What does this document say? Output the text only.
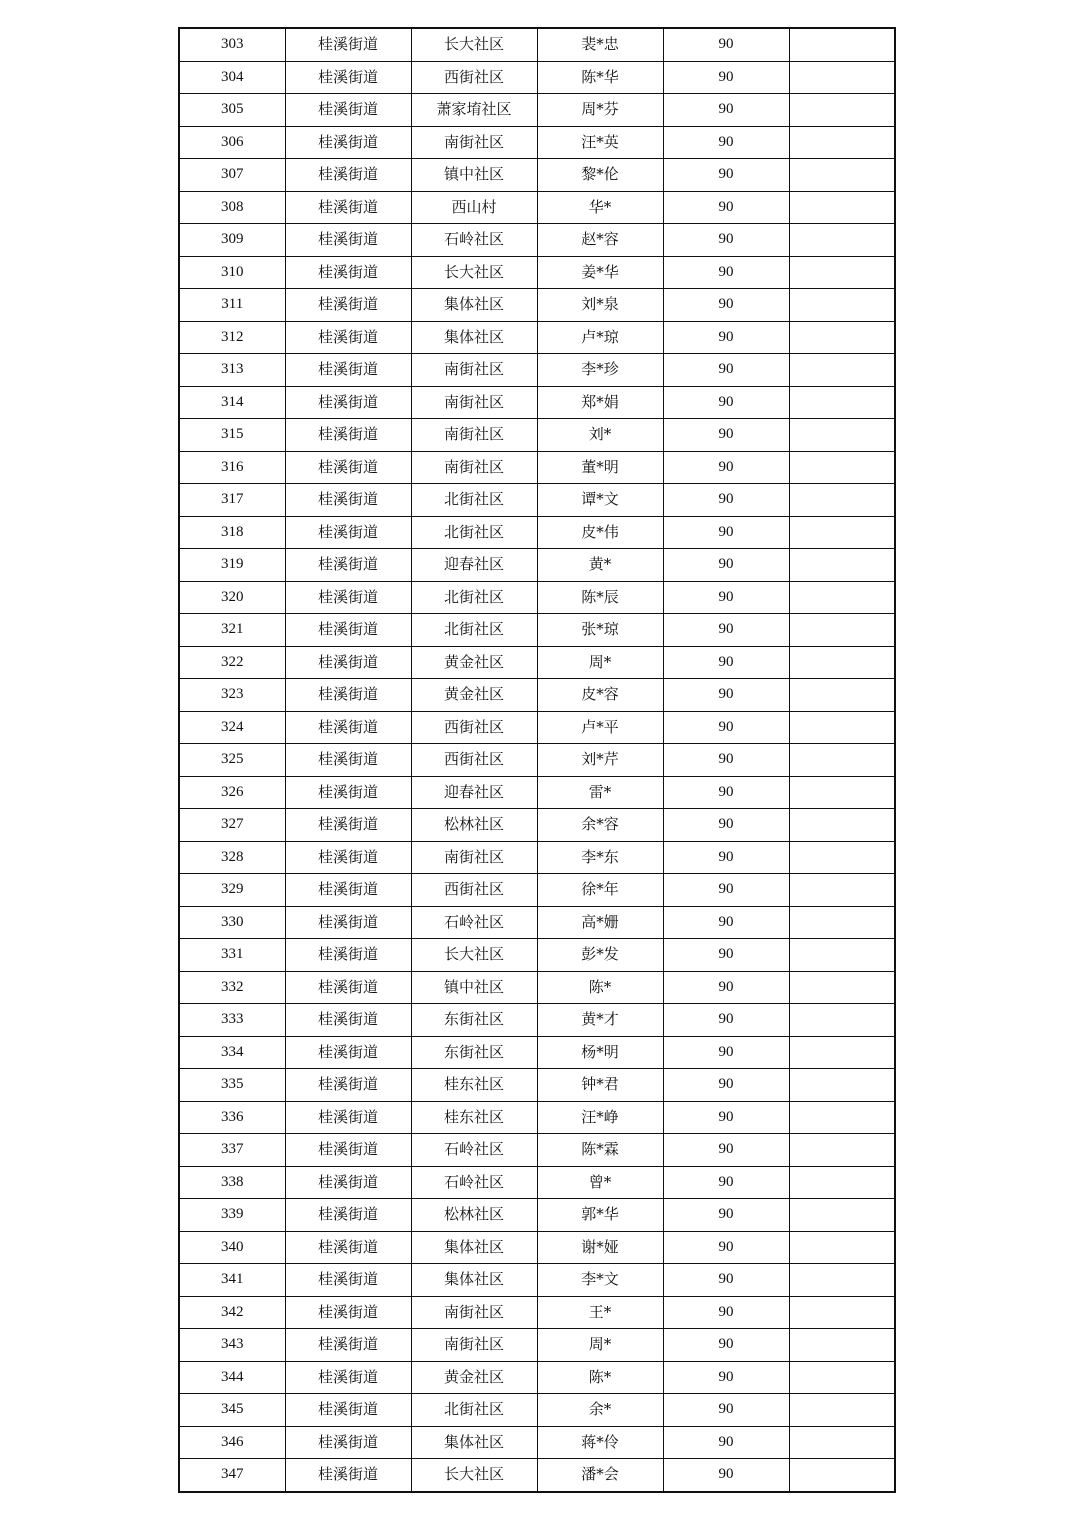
303	桂溪街道	长大社区	裴*忠	90	
304	桂溪街道	西街社区	陈*华	90	
305	桂溪街道	萧家堉社区	周*芬	90	
306	桂溪街道	南街社区	汪*英	90	
307	桂溪街道	镇中社区	黎*伦	90	
308	桂溪街道	西山村	华*	90	
309	桂溪街道	石岭社区	赵*容	90	
310	桂溪街道	长大社区	姜*华	90	
311	桂溪街道	集体社区	刘*泉	90	
312	桂溪街道	集体社区	卢*琼	90	
313	桂溪街道	南街社区	李*珍	90	
314	桂溪街道	南街社区	郑*娟	90	
315	桂溪街道	南街社区	刘*	90	
316	桂溪街道	南街社区	董*明	90	
317	桂溪街道	北街社区	谭*文	90	
318	桂溪街道	北街社区	皮*伟	90	
319	桂溪街道	迎春社区	黄*	90	
320	桂溪街道	北街社区	陈*辰	90	
321	桂溪街道	北街社区	张*琼	90	
322	桂溪街道	黄金社区	周*	90	
323	桂溪街道	黄金社区	皮*容	90	
324	桂溪街道	西街社区	卢*平	90	
325	桂溪街道	西街社区	刘*芹	90	
326	桂溪街道	迎春社区	雷*	90	
327	桂溪街道	松林社区	余*容	90	
328	桂溪街道	南街社区	李*东	90	
329	桂溪街道	西街社区	徐*年	90	
330	桂溪街道	石岭社区	高*姗	90	
331	桂溪街道	长大社区	彭*发	90	
332	桂溪街道	镇中社区	陈*	90	
333	桂溪街道	东街社区	黄*才	90	
334	桂溪街道	东街社区	杨*明	90	
335	桂溪街道	桂东社区	钟*君	90	
336	桂溪街道	桂东社区	汪*峥	90	
337	桂溪街道	石岭社区	陈*霖	90	
338	桂溪街道	石岭社区	曾*	90	
339	桂溪街道	松林社区	郭*华	90	
340	桂溪街道	集体社区	谢*娅	90	
341	桂溪街道	集体社区	李*文	90	
342	桂溪街道	南街社区	王*	90	
343	桂溪街道	南街社区	周*	90	
344	桂溪街道	黄金社区	陈*	90	
345	桂溪街道	北街社区	余*	90	
346	桂溪街道	集体社区	蒋*伶	90	
347	桂溪街道	长大社区	潘*会	90	
